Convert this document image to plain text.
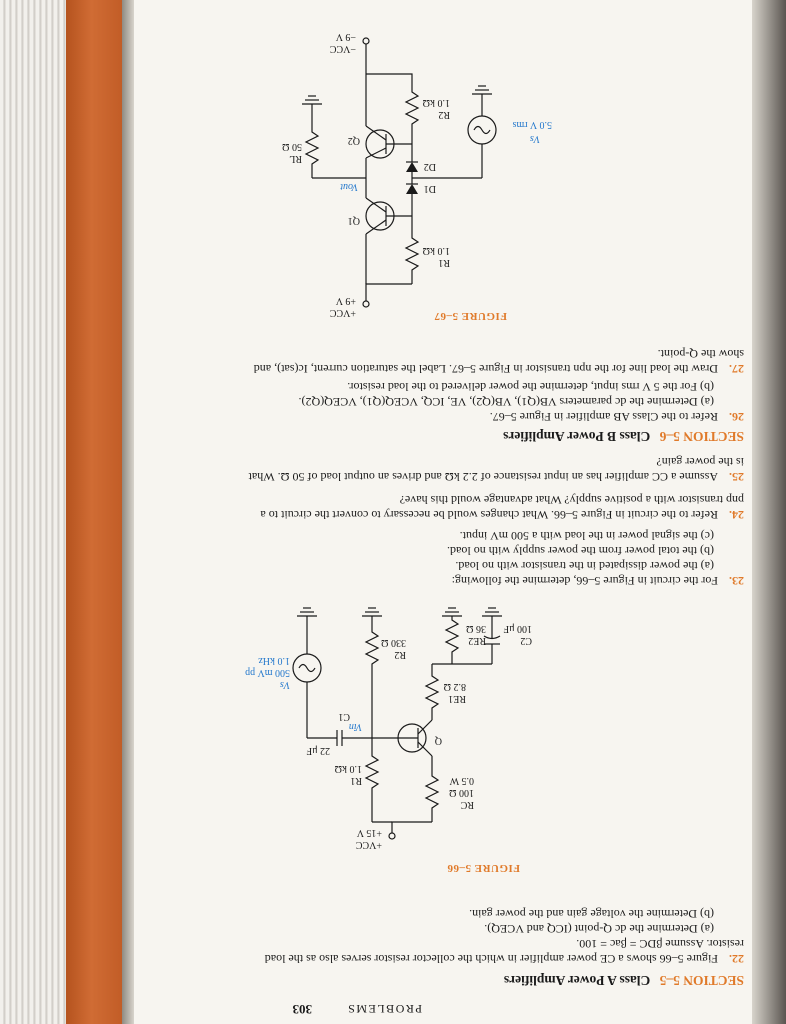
PROBLEMS
303
SECTION 5–5 Class A Power Amplifiers
22.Figure 5–66 shows a CE power amplifier in which the collector resistor serves also as the load resistor. Assume βDC = βac = 100.
(a) Determine the dc Q-point (ICQ and VCEQ).
(b) Determine the voltage gain and the power gain.
FIGURE 5–66
+VCC
+15 V
RC
100 Ω
0.5 W
R1
1.0 kΩ
Q
C1
22 μF
Vin
Vs
500 mV pp
1.0 kHz
RE1
8.2 Ω
R2
330 Ω	RE2
36 Ω
C2
100 μF
23.For the circuit in Figure 5–66, determine the following:
(a) the power dissipated in the transistor with no load.
(b) the total power from the power supply with no load.
(c) the signal power in the load with a 500 mV input.
24.Refer to the circuit in Figure 5–66. What changes would be necessary to convert the circuit to a pnp transistor with a positive supply? What advantage would this have?
25.Assume a CC amplifier has an input resistance of 2.2 kΩ and drives an output load of 50 Ω. What is the power gain?
SECTION 5–6 Class B Power Amplifiers
26.Refer to the Class AB amplifier in Figure 5–67.
(a) Determine the dc parameters VB(Q1), VB(Q2), VE, ICQ, VCEQ(Q1), VCEQ(Q2).
(b) For the 5 V rms input, determine the power delivered to the load resistor.
27.Draw the load line for the npn transistor in Figure 5–67. Label the saturation current, Ic(sat), and show the Q-point.
FIGURE 5–67
+VCC
+9 V
R1
1.0 kΩ
Q1
D1
D2
Vout
Q2
R2
1.0 kΩ
−VCC
−9 V
RL
50 Ω
Vs
5.0 V rms
